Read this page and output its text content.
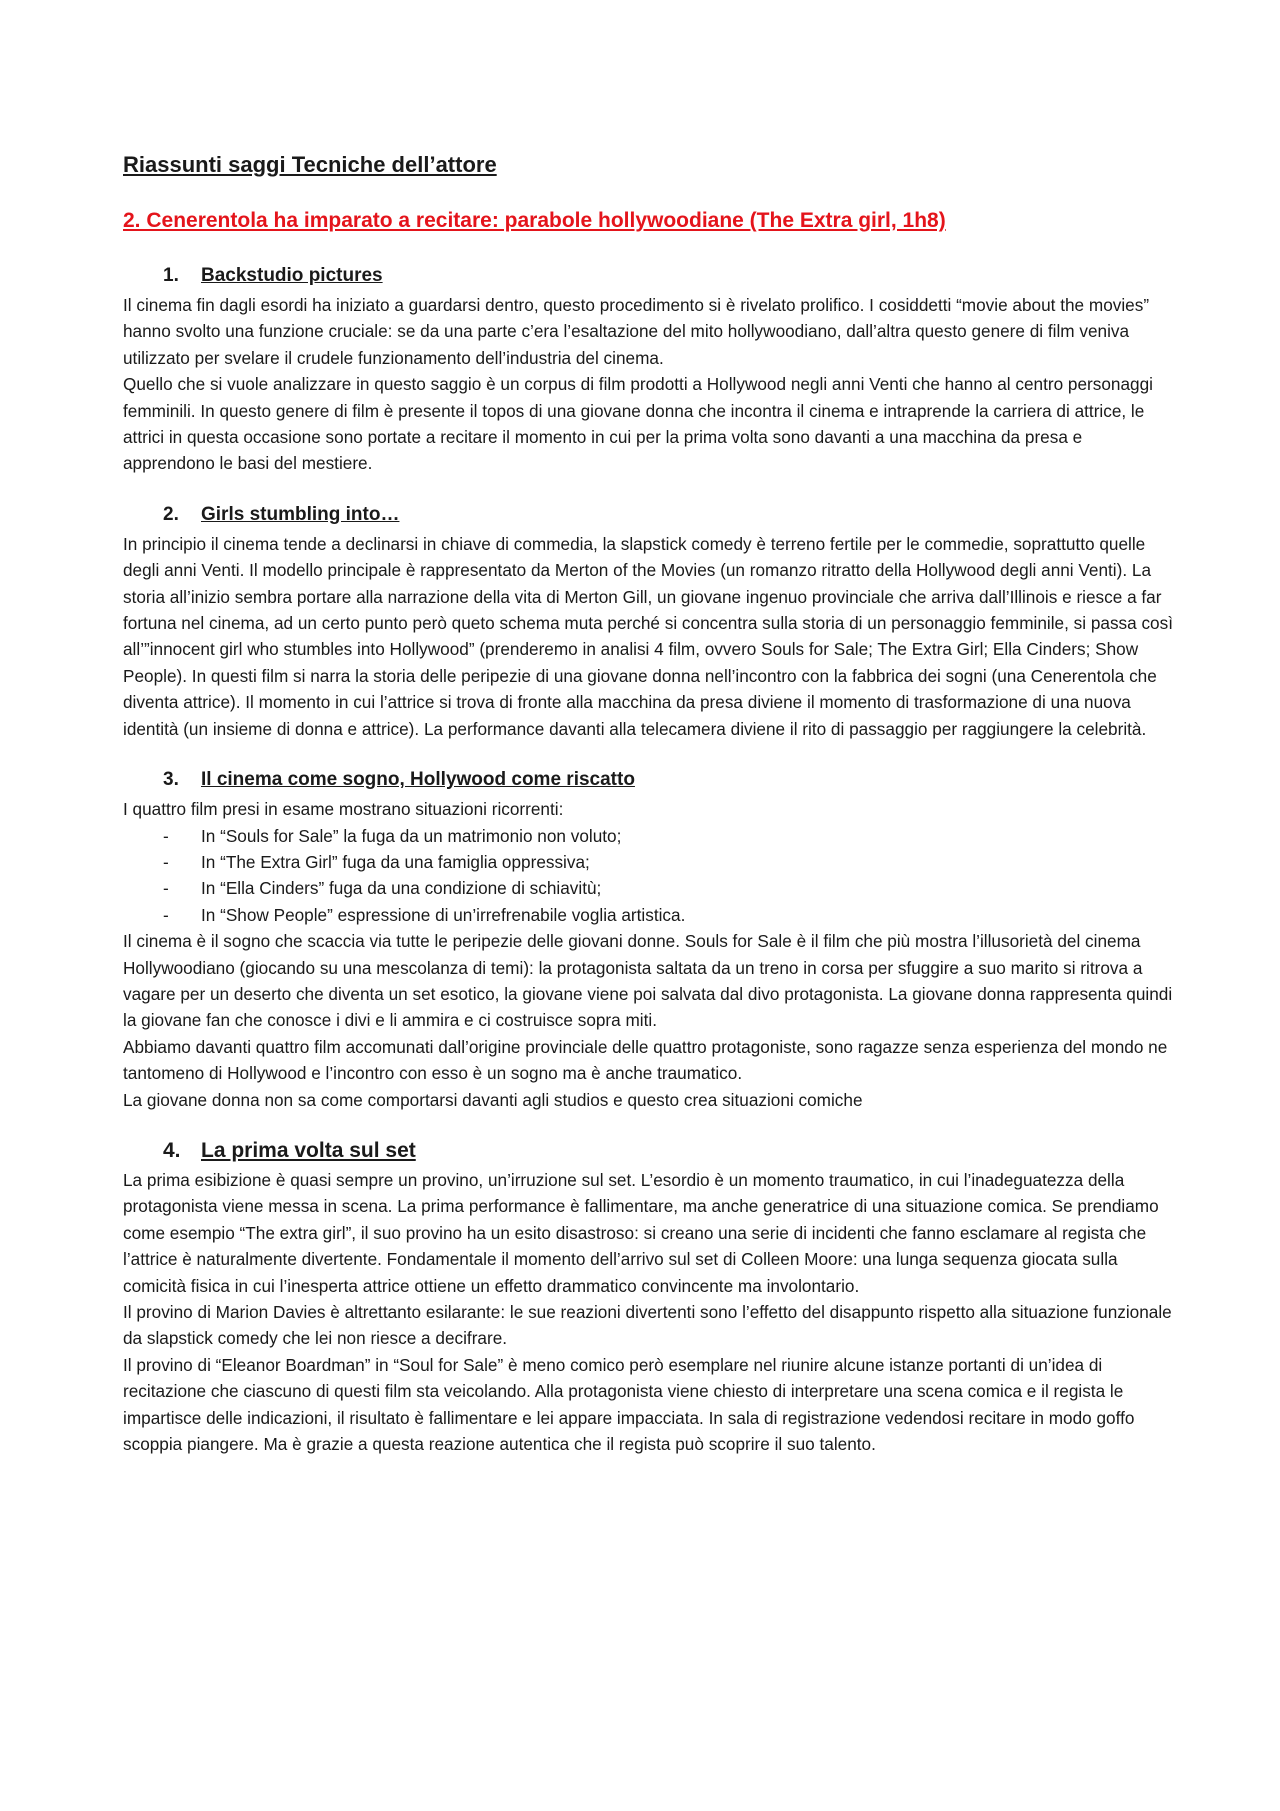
Riassunti saggi Tecniche dell’attore
2. Cenerentola ha imparato a recitare: parabole hollywoodiane (The Extra girl, 1h8)
1.	Backstudio pictures

Il cinema fin dagli esordi ha iniziato a guardarsi dentro, questo procedimento si è rivelato prolifico. I cosiddetti “movie about the movies” hanno svolto una funzione cruciale: se da una parte c’era l’esaltazione del mito hollywoodiano, dall’altra questo genere di film veniva utilizzato per svelare il crudele funzionamento dell’industria del cinema.

Quello che si vuole analizzare in questo saggio è un corpus di film prodotti a Hollywood negli anni Venti che hanno al centro personaggi femminili. In questo genere di film è presente il topos di una giovane donna che incontra il cinema e intraprende la carriera di attrice, le attrici in questa occasione sono portate a recitare il momento in cui per la prima volta sono davanti a una macchina da presa e apprendono le basi del mestiere.

2.	Girls stumbling into…

In principio il cinema tende a declinarsi in chiave di commedia, la slapstick comedy è terreno fertile per le commedie, soprattutto quelle degli anni Venti. Il modello principale è rappresentato da Merton of the Movies (un romanzo ritratto della Hollywood degli anni Venti). La storia all’inizio sembra portare alla narrazione della vita di Merton Gill, un giovane ingenuo provinciale che arriva dall’Illinois e riesce a far fortuna nel cinema, ad un certo punto però queto schema muta perché si concentra sulla storia di un personaggio femminile, si passa così all’”innocent girl who stumbles into Hollywood” (prenderemo in analisi 4 film, ovvero Souls for Sale; The Extra Girl; Ella Cinders; Show People). In questi film si narra la storia delle peripezie di una giovane donna nell’incontro con la fabbrica dei sogni (una Cenerentola che diventa attrice). Il momento in cui l’attrice si trova di fronte alla macchina da presa diviene il momento di trasformazione di una nuova identità (un insieme di donna e attrice). La performance davanti alla telecamera diviene il rito di passaggio per raggiungere la celebrità.

3.	Il cinema come sogno, Hollywood come riscatto

I quattro film presi in esame mostrano situazioni ricorrenti:

-	In “Souls for Sale” la fuga da un matrimonio non voluto;
-	In “The Extra Girl” fuga da una famiglia oppressiva;
-	In “Ella Cinders” fuga da una condizione di schiavitù;
-	In “Show People” espressione di un’irrefrenabile voglia artistica.

Il cinema è il sogno che scaccia via tutte le peripezie delle giovani donne. Souls for Sale è il film che più mostra l’illusorietà del cinema Hollywoodiano (giocando su una mescolanza di temi): la protagonista saltata da un treno in corsa per sfuggire a suo marito si ritrova a vagare per un deserto che diventa un set esotico, la giovane viene poi salvata dal divo protagonista. La giovane donna rappresenta quindi la giovane fan che conosce i divi e li ammira e ci costruisce sopra miti.

Abbiamo davanti quattro film accomunati dall’origine provinciale delle quattro protagoniste, sono ragazze senza esperienza del mondo ne tantomeno di Hollywood e l’incontro con esso è un sogno ma è anche traumatico.

La giovane donna non sa come comportarsi davanti agli studios e questo crea situazioni comiche

4. La prima volta sul set

La prima esibizione è quasi sempre un provino, un’irruzione sul set. L’esordio è un momento traumatico, in cui l’inadeguatezza della protagonista viene messa in scena. La prima performance è fallimentare, ma anche generatrice di una situazione comica. Se prendiamo come esempio “The extra girl”, il suo provino ha un esito disastroso: si creano una serie di incidenti che fanno esclamare al regista che l’attrice è naturalmente divertente. Fondamentale il momento dell’arrivo sul set di Colleen Moore: una lunga sequenza giocata sulla comicità fisica in cui l’inesperta attrice ottiene un effetto drammatico convincente ma involontario.

Il provino di Marion Davies è altrettanto esilarante: le sue reazioni divertenti sono l’effetto del disappunto rispetto alla situazione funzionale da slapstick comedy che lei non riesce a decifrare.

Il provino di “Eleanor Boardman” in “Soul for Sale” è meno comico però esemplare nel riunire alcune istanze portanti di un’idea di recitazione che ciascuno di questi film sta veicolando. Alla protagonista viene chiesto di interpretare una scena comica e il regista le impartisce delle indicazioni, il risultato è fallimentare e lei appare impacciata. In sala di registrazione vedendosi recitare in modo goffo scoppia piangere. Ma è grazie a questa reazione autentica che il regista può scoprire il suo talento.
